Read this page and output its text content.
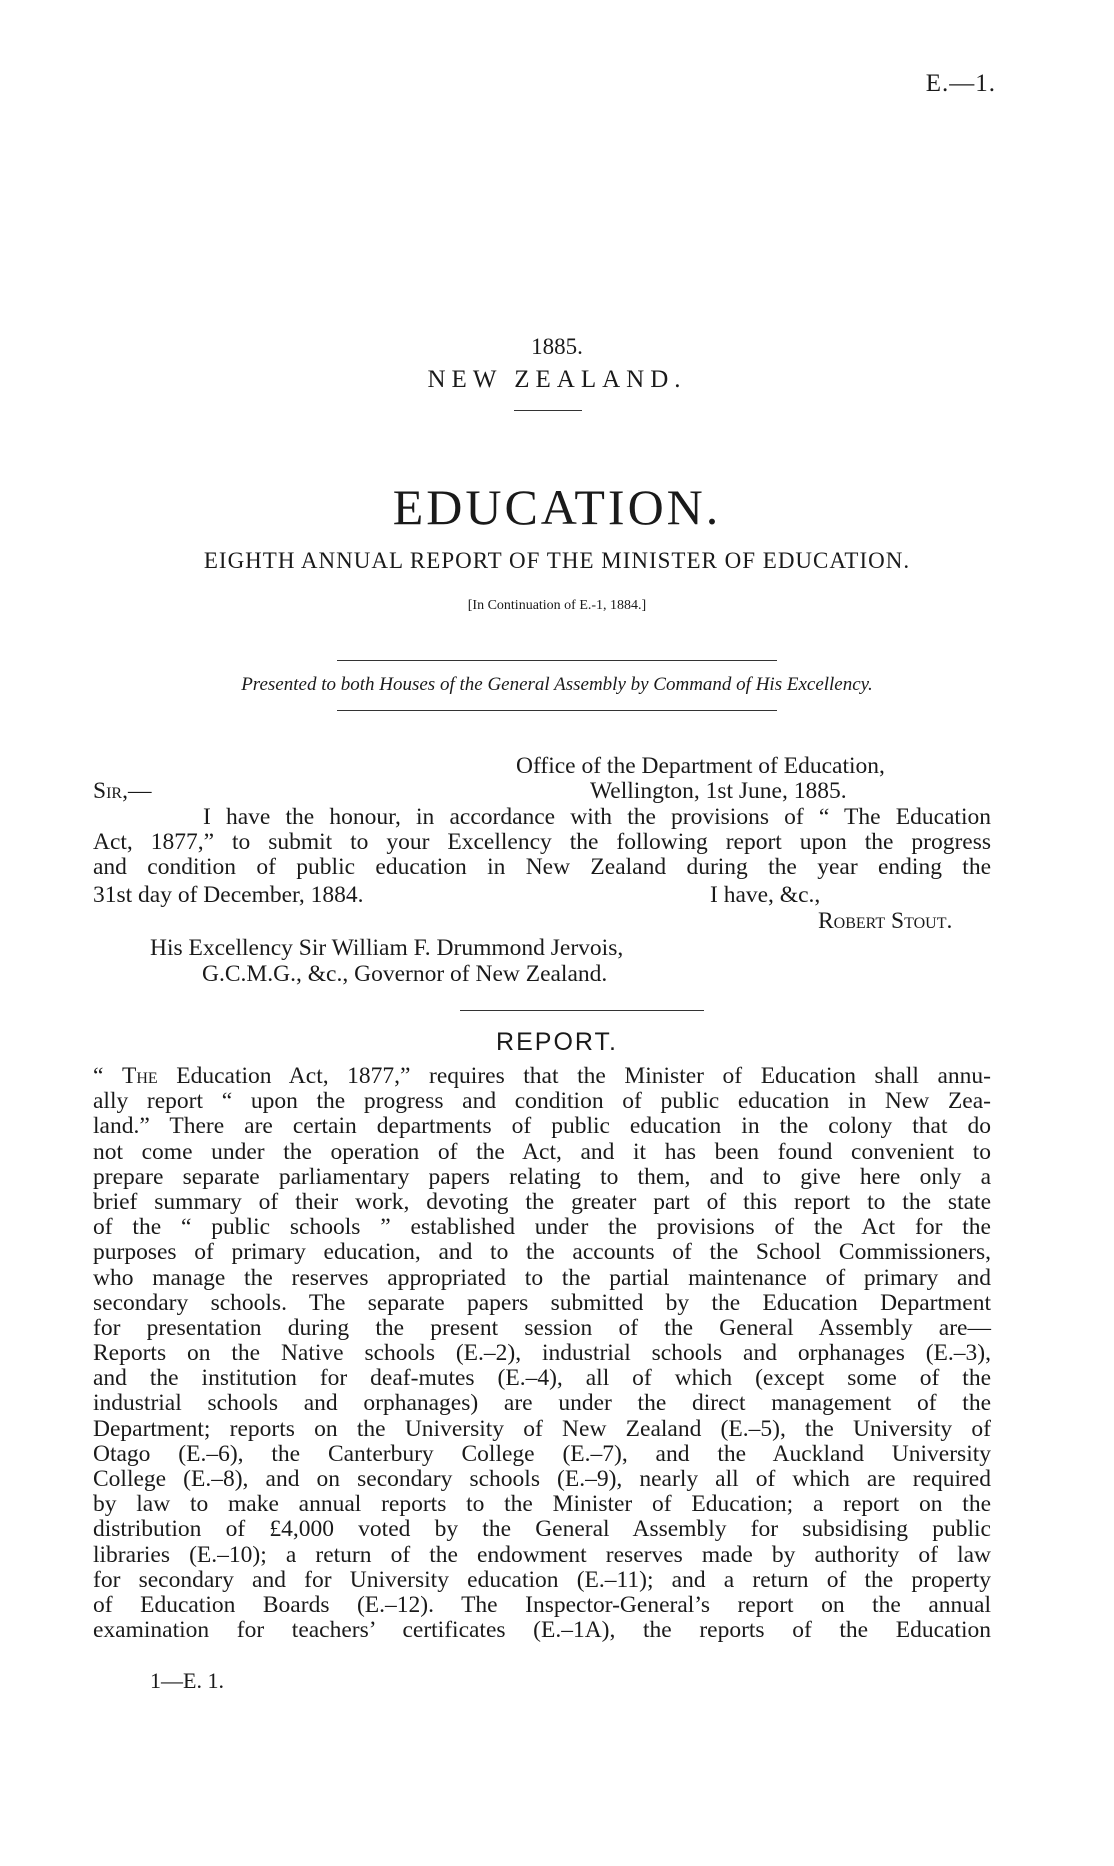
E.—1.

1885.

NEW ZEALAND.

EDUCATION.

EIGHTH ANNUAL REPORT OF THE MINISTER OF EDUCATION.

[In Continuation of E.-1, 1884.]

Presented to both Houses of the General Assembly by Command of His Excellency.

Office of the Department of Education,

Sir,—	Wellington, 1st June, 1885.

I have the honour, in accordance with the provisions of “ The Education
Act, 1877,” to submit to your Excellency the following report upon the progress
and condition of public education in New Zealand during the year ending the

31st day of December, 1884.	I have, &c.,

Robert Stout.

His Excellency Sir William F. Drummond Jervois,

G.C.M.G., &c., Governor of New Zealand.

REPORT.
“ The Education Act, 1877,” requires that the Minister of Education shall annu-
ally report “ upon the progress and condition of public education in New Zea-
land.” There are certain departments of public education in the colony that do
not come under the operation of the Act, and it has been found convenient to
prepare separate parliamentary papers relating to them, and to give here only a
brief summary of their work, devoting the greater part of this report to the state
of the “ public schools ” established under the provisions of the Act for the
purposes of primary education, and to the accounts of the School Commissioners,
who manage the reserves appropriated to the partial maintenance of primary and
secondary schools. The separate papers submitted by the Education Department
for presentation during the present session of the General Assembly are—
Reports on the Native schools (E.–2), industrial schools and orphanages (E.–3),
and the institution for deaf-mutes (E.–4), all of which (except some of the
industrial schools and orphanages) are under the direct management of the
Department; reports on the University of New Zealand (E.–5), the University of
Otago (E.–6), the Canterbury College (E.–7), and the Auckland University
College (E.–8), and on secondary schools (E.–9), nearly all of which are required
by law to make annual reports to the Minister of Education; a report on the
distribution of £4,000 voted by the General Assembly for subsidising public
libraries (E.–10); a return of the endowment reserves made by authority of law
for secondary and for University education (E.–11); and a return of the property
of Education Boards (E.–12). The Inspector-General’s report on the annual
examination for teachers’ certificates (E.–1A), the reports of the Education

1—E. 1.
